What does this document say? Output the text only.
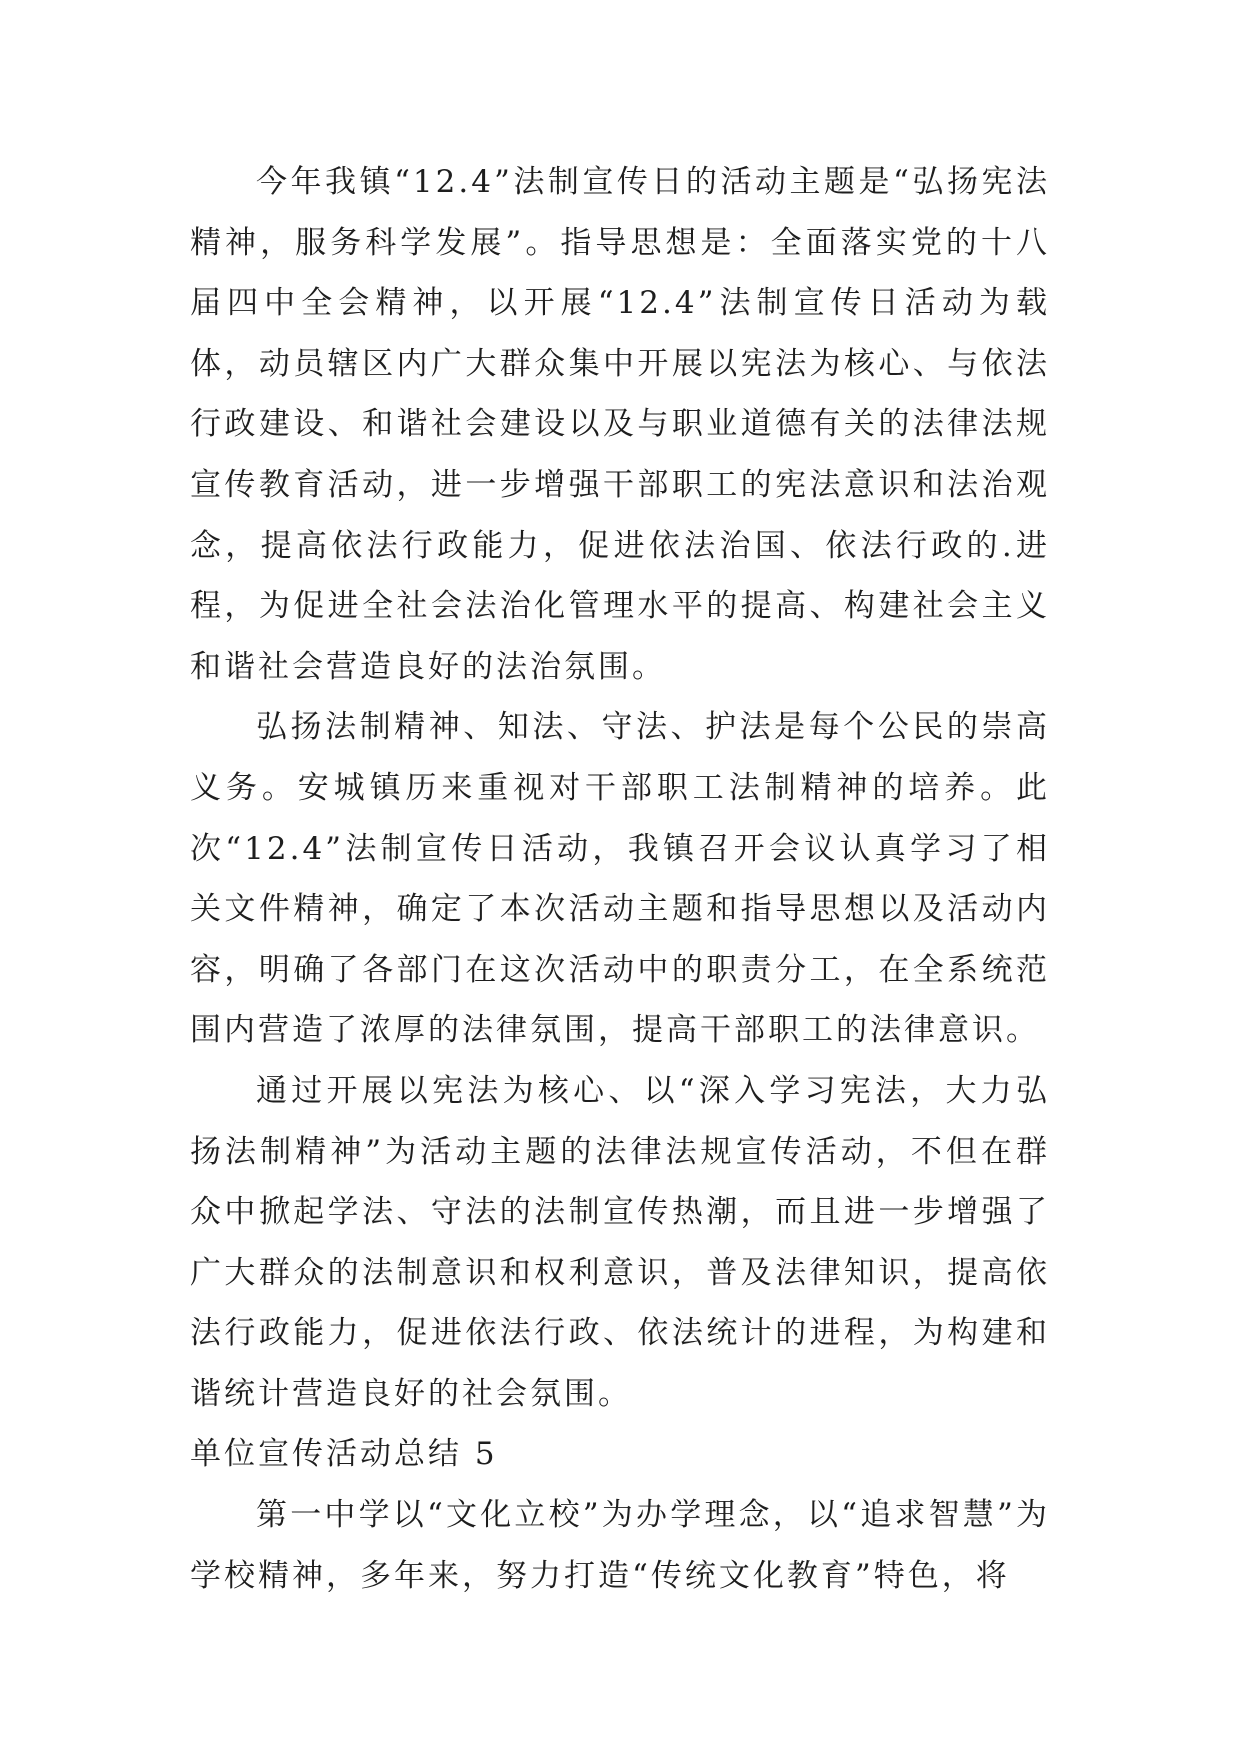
今年我镇“12.4”法制宣传日的活动主题是“弘扬宪法精神，服务科学发展”。指导思想是：全面落实党的十八届四中全会精神，以开展“12.4”法制宣传日活动为载体，动员辖区内广大群众集中开展以宪法为核心、与依法行政建设、和谐社会建设以及与职业道德有关的法律法规宣传教育活动，进一步增强干部职工的宪法意识和法治观念，提高依法行政能力，促进依法治国、依法行政的.进程，为促进全社会法治化管理水平的提高、构建社会主义和谐社会营造良好的法治氛围。

弘扬法制精神、知法、守法、护法是每个公民的崇高义务。安城镇历来重视对干部职工法制精神的培养。此次“12.4”法制宣传日活动，我镇召开会议认真学习了相关文件精神，确定了本次活动主题和指导思想以及活动内容，明确了各部门在这次活动中的职责分工，在全系统范围内营造了浓厚的法律氛围，提高干部职工的法律意识。

通过开展以宪法为核心、以“深入学习宪法，大力弘扬法制精神”为活动主题的法律法规宣传活动，不但在群众中掀起学法、守法的法制宣传热潮，而且进一步增强了广大群众的法制意识和权利意识，普及法律知识，提高依法行政能力，促进依法行政、依法统计的进程，为构建和谐统计营造良好的社会氛围。

单位宣传活动总结 5

第一中学以“文化立校”为办学理念，以“追求智慧”为学校精神，多年来，努力打造“传统文化教育”特色，将
